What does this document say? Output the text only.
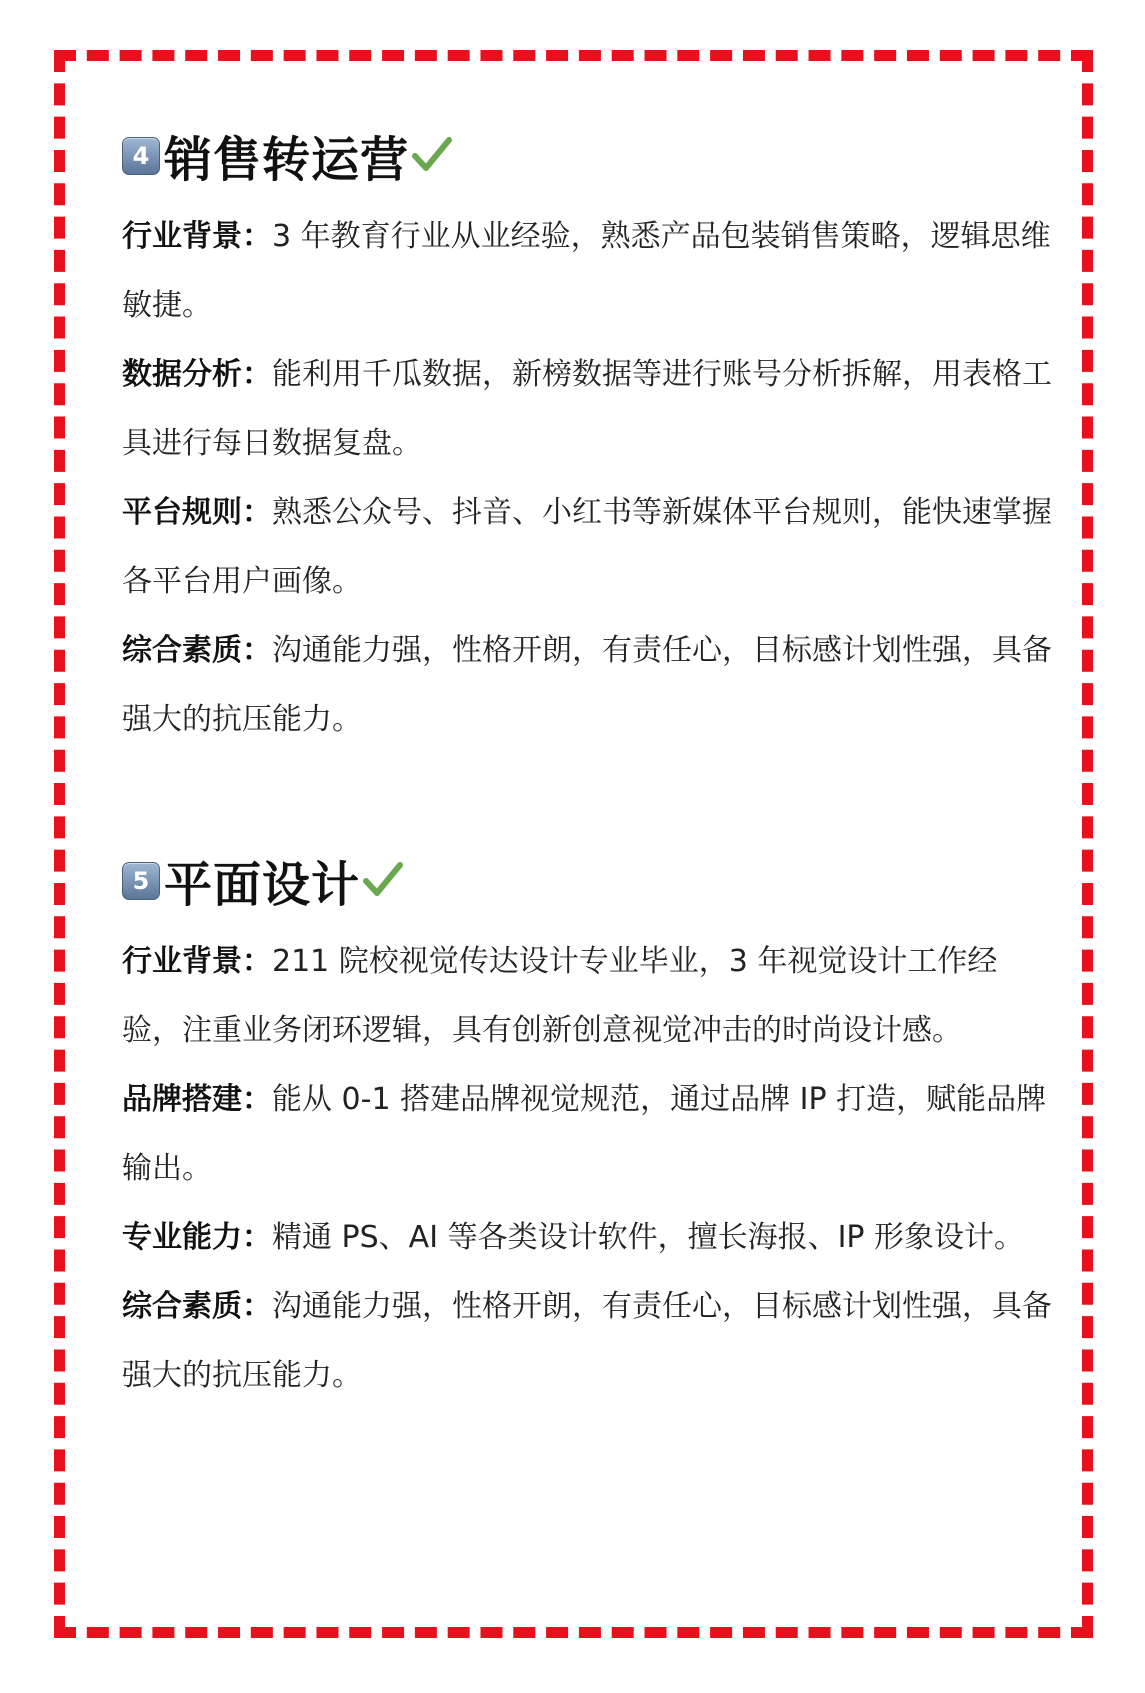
4 销售转运营

行业背景：3 年教育行业从业经验，熟悉产品包装销售策略，逻辑思维敏捷。

数据分析：能利用千瓜数据，新榜数据等进行账号分析拆解，用表格工具进行每日数据复盘。

平台规则：熟悉公众号、抖音、小红书等新媒体平台规则，能快速掌握各平台用户画像。

综合素质：沟通能力强，性格开朗，有责任心，目标感计划性强，具备强大的抗压能力。

5 平面设计

行业背景：211 院校视觉传达设计专业毕业，3 年视觉设计工作经验，注重业务闭环逻辑，具有创新创意视觉冲击的时尚设计感。

品牌搭建：能从 0-1 搭建品牌视觉规范，通过品牌 IP 打造，赋能品牌输出。

专业能力：精通 PS、AI 等各类设计软件，擅长海报、IP 形象设计。

综合素质：沟通能力强，性格开朗，有责任心，目标感计划性强，具备强大的抗压能力。
